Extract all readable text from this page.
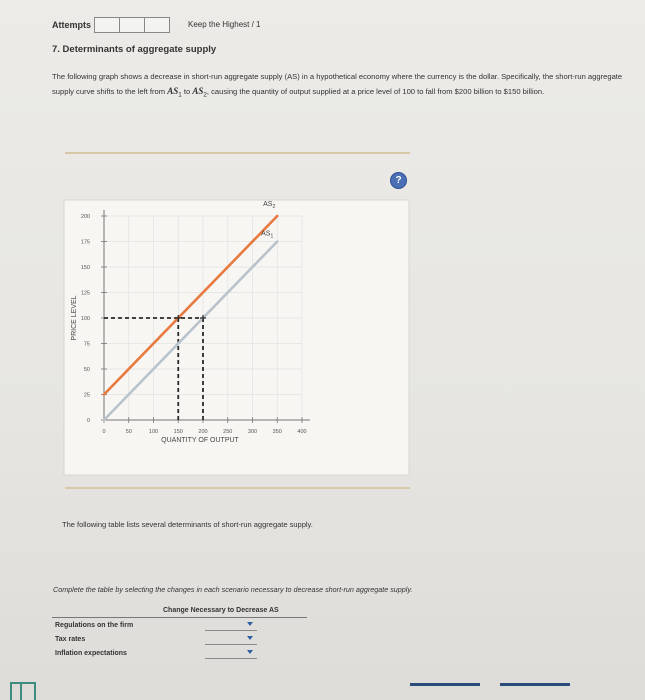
Attempts	Keep the Highest / 1
7. Determinants of aggregate supply
The following graph shows a decrease in short-run aggregate supply (AS) in a hypothetical economy where the currency is the dollar. Specifically, the short-run aggregate supply curve shifts to the left from $AS_1$ to $AS_2$, causing the quantity of output supplied at a price level of 100 to fall from $200 billion to $150 billion.
?
0
25
50
75
100
125
150
175
200
0	50	100	150	200	250	300	350	400
PRICE LEVEL
QUANTITY OF OUTPUT
$AS_2$
$AS_1$
The following table lists several determinants of short-run aggregate supply.
Complete the table by selecting the changes in each scenario necessary to decrease short-run aggregate supply.
Change Necessary to Decrease AS
Regulations on the firm
Tax rates
Inflation expectations
